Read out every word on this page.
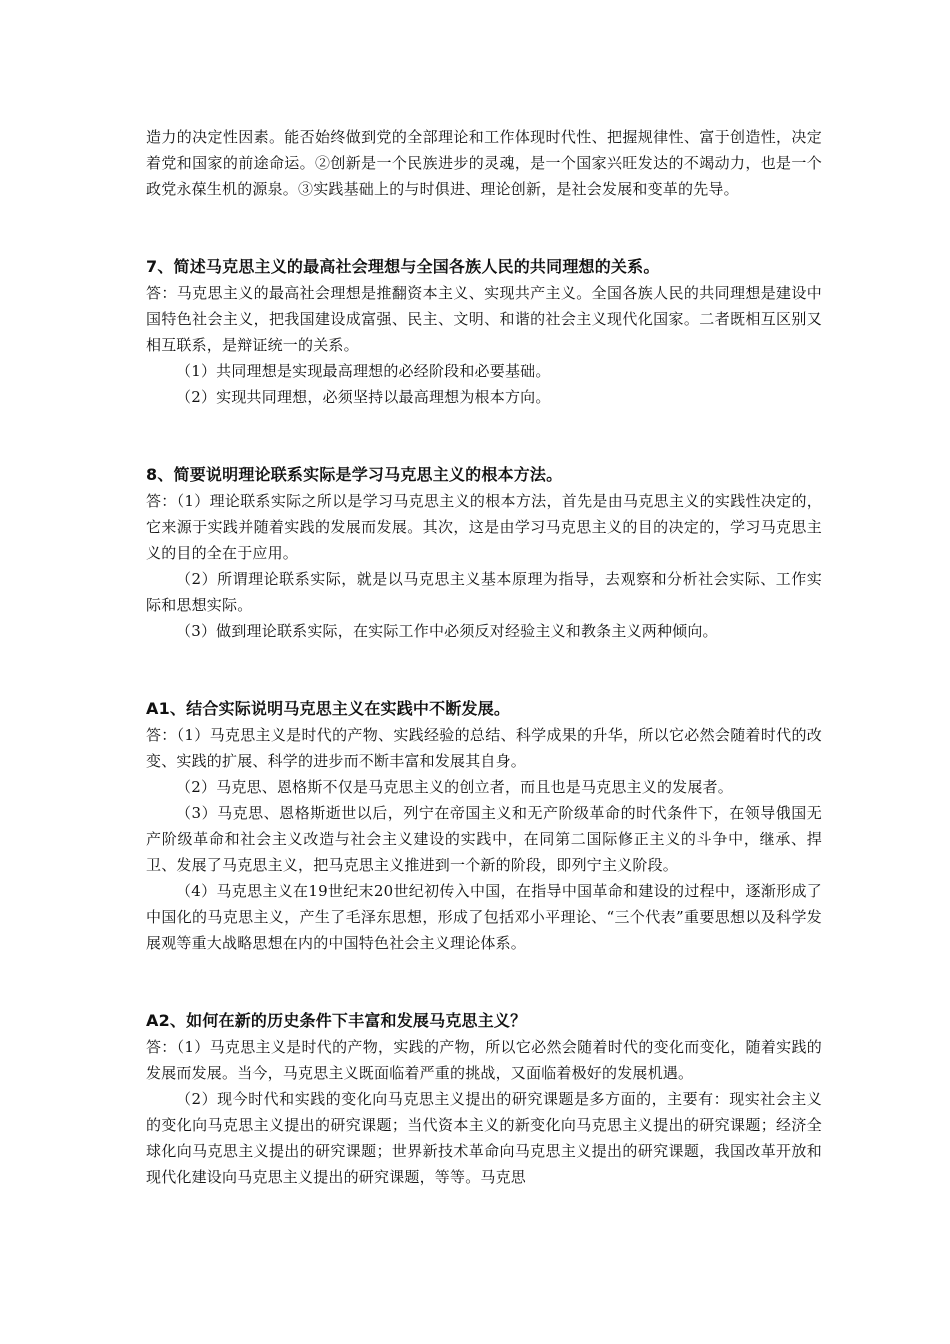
造力的决定性因素。能否始终做到党的全部理论和工作体现时代性、把握规律性、富于创造性，决定着党和国家的前途命运。②创新是一个民族进步的灵魂，是一个国家兴旺发达的不竭动力，也是一个政党永葆生机的源泉。③实践基础上的与时俱进、理论创新，是社会发展和变革的先导。

7、简述马克思主义的最高社会理想与全国各族人民的共同理想的关系。

答：马克思主义的最高社会理想是推翻资本主义、实现共产主义。全国各族人民的共同理想是建设中国特色社会主义，把我国建设成富强、民主、文明、和谐的社会主义现代化国家。二者既相互区别又相互联系，是辩证统一的关系。

（1）共同理想是实现最高理想的必经阶段和必要基础。

（2）实现共同理想，必须坚持以最高理想为根本方向。

8、简要说明理论联系实际是学习马克思主义的根本方法。

答：（1）理论联系实际之所以是学习马克思主义的根本方法，首先是由马克思主义的实践性决定的，它来源于实践并随着实践的发展而发展。其次，这是由学习马克思主义的目的决定的，学习马克思主义的目的全在于应用。

（2）所谓理论联系实际，就是以马克思主义基本原理为指导，去观察和分析社会实际、工作实际和思想实际。

（3）做到理论联系实际，在实际工作中必须反对经验主义和教条主义两种倾向。

A1、结合实际说明马克思主义在实践中不断发展。

答：（1）马克思主义是时代的产物、实践经验的总结、科学成果的升华，所以它必然会随着时代的改变、实践的扩展、科学的进步而不断丰富和发展其自身。

（2）马克思、恩格斯不仅是马克思主义的创立者，而且也是马克思主义的发展者。

（3）马克思、恩格斯逝世以后，列宁在帝国主义和无产阶级革命的时代条件下，在领导俄国无产阶级革命和社会主义改造与社会主义建设的实践中，在同第二国际修正主义的斗争中，继承、捍卫、发展了马克思主义，把马克思主义推进到一个新的阶段，即列宁主义阶段。

（4）马克思主义在19世纪末20世纪初传入中国，在指导中国革命和建设的过程中，逐渐形成了中国化的马克思主义，产生了毛泽东思想，形成了包括邓小平理论、“三个代表”重要思想以及科学发展观等重大战略思想在内的中国特色社会主义理论体系。

A2、如何在新的历史条件下丰富和发展马克思主义？

答：（1）马克思主义是时代的产物，实践的产物，所以它必然会随着时代的变化而变化，随着实践的发展而发展。当今，马克思主义既面临着严重的挑战，又面临着极好的发展机遇。

（2）现今时代和实践的变化向马克思主义提出的研究课题是多方面的，主要有：现实社会主义的变化向马克思主义提出的研究课题；当代资本主义的新变化向马克思主义提出的研究课题；经济全球化向马克思主义提出的研究课题；世界新技术革命向马克思主义提出的研究课题，我国改革开放和现代化建设向马克思主义提出的研究课题，等等。马克思
